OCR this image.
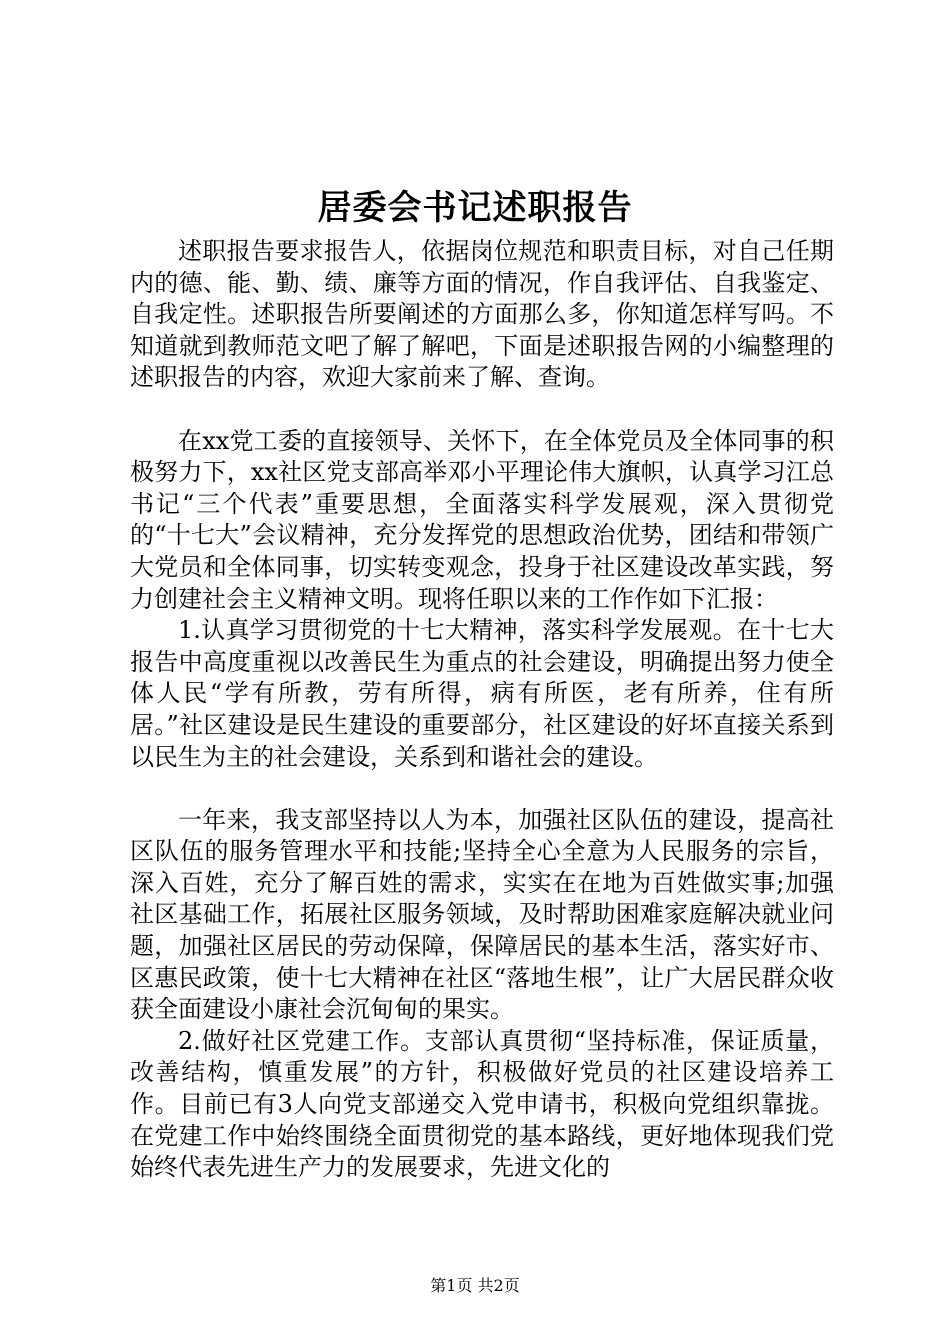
居委会书记述职报告

述职报告要求报告人，依据岗位规范和职责目标，对自己任期内的德、能、勤、绩、廉等方面的情况，作自我评估、自我鉴定、自我定性。述职报告所要阐述的方面那么多，你知道怎样写吗。不知道就到教师范文吧了解了解吧，下面是述职报告网的小编整理的述职报告的内容，欢迎大家前来了解、查询。

在xx党工委的直接领导、关怀下，在全体党员及全体同事的积极努力下，xx社区党支部高举邓小平理论伟大旗帜，认真学习江总书记“三个代表”重要思想，全面落实科学发展观，深入贯彻党的“十七大”会议精神，充分发挥党的思想政治优势，团结和带领广大党员和全体同事，切实转变观念，投身于社区建设改革实践，努力创建社会主义精神文明。现将任职以来的工作作如下汇报：

1.认真学习贯彻党的十七大精神，落实科学发展观。在十七大报告中高度重视以改善民生为重点的社会建设，明确提出努力使全体人民“学有所教，劳有所得，病有所医，老有所养，住有所居。”社区建设是民生建设的重要部分，社区建设的好坏直接关系到以民生为主的社会建设，关系到和谐社会的建设。

一年来，我支部坚持以人为本，加强社区队伍的建设，提高社区队伍的服务管理水平和技能;坚持全心全意为人民服务的宗旨，深入百姓，充分了解百姓的需求，实实在在地为百姓做实事;加强社区基础工作，拓展社区服务领域，及时帮助困难家庭解决就业问题，加强社区居民的劳动保障，保障居民的基本生活，落实好市、区惠民政策，使十七大精神在社区“落地生根”，让广大居民群众收获全面建设小康社会沉甸甸的果实。

2.做好社区党建工作。支部认真贯彻“坚持标准，保证质量，改善结构，慎重发展”的方针，积极做好党员的社区建设培养工作。目前已有3人向党支部递交入党申请书，积极向党组织靠拢。在党建工作中始终围绕全面贯彻党的基本路线，更好地体现我们党始终代表先进生产力的发展要求，先进文化的

第1页 共2页
